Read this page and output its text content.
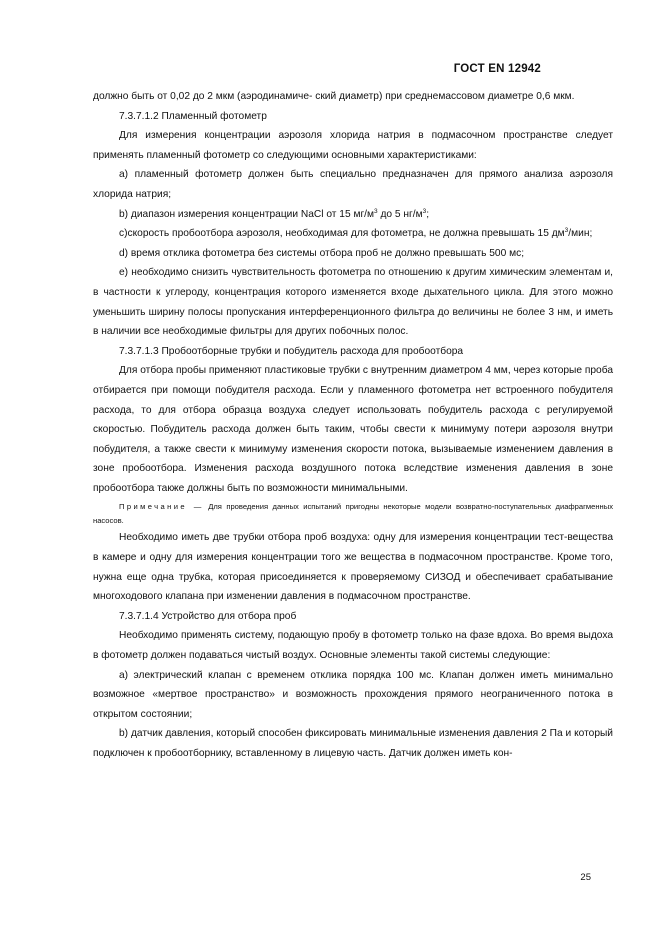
ГОСТ EN 12942

должно быть от 0,02 до 2 мкм (аэродинамиче- ский диаметр) при среднемассовом диаметре 0,6 мкм.

7.3.7.1.2 Пламенный фотометр

Для измерения концентрации аэрозоля хлорида натрия в подмасочном пространстве следует применять пламенный фотометр со следующими основными характеристиками:

a) пламенный фотометр должен быть специально предназначен для прямого анализа аэрозоля хлорида натрия;

b) диапазон измерения концентрации NaCl от 15 $мг/м^3$ до 5 $нг/м^3$;

c)скорость пробоотбора аэрозоля, необходимая для фотометра, не должна превышать 15 $дм^3$/мин;

d) время отклика фотометра без системы отбора проб не должно превышать 500 мс;

e) необходимо снизить чувствительность фотометра по отношению к другим химическим элементам и, в частности к углероду, концентрация которого изменяется входе дыхательного цикла. Для этого можно уменьшить ширину полосы пропускания интерференционного фильтра до величины не более 3 нм, и иметь в наличии все необходимые фильтры для других побочных полос.

7.3.7.1.3 Пробоотборные трубки и побудитель расхода для пробоотбора

Для отбора пробы применяют пластиковые трубки с внутренним диаметром 4 мм, через которые проба отбирается при помощи побудителя расхода. Если у пламенного фотометра нет встроенного побудителя расхода, то для отбора образца воздуха следует использовать побудитель расхода с регулируемой скоростью. Побудитель расхода должен быть таким, чтобы свести к минимуму потери аэрозоля внутри побудителя, а также свести к минимуму изменения скорости потока, вызываемые изменением давления в зоне пробоотбора. Изменения расхода воздушного потока вследствие изменения давления в зоне пробоотбора также должны быть по возможности минимальными.

Примечание — Для проведения данных испытаний пригодны некоторые модели возвратно-поступательных диафрагменных насосов.

Необходимо иметь две трубки отбора проб воздуха: одну для измерения концентрации тест-вещества в камере и одну для измерения концентрации того же вещества в подмасочном пространстве. Кроме того, нужна еще одна трубка, которая присоединяется к проверяемому СИЗОД и обеспечивает срабатывание многоходового клапана при изменении давления в подмасочном пространстве.

7.3.7.1.4 Устройство для отбора проб

Необходимо применять систему, подающую пробу в фотометр только на фазе вдоха. Во время выдоха в фотометр должен подаваться чистый воздух. Основные элементы такой системы следующие:

a) электрический клапан с временем отклика порядка 100 мс. Клапан должен иметь минимально возможное «мертвое пространство» и возможность прохождения прямого неограниченного потока в открытом состоянии;

b) датчик давления, который способен фиксировать минимальные изменения давления 2 Па и который подключен к пробоотборнику, вставленному в лицевую часть. Датчик должен иметь кон-

25
